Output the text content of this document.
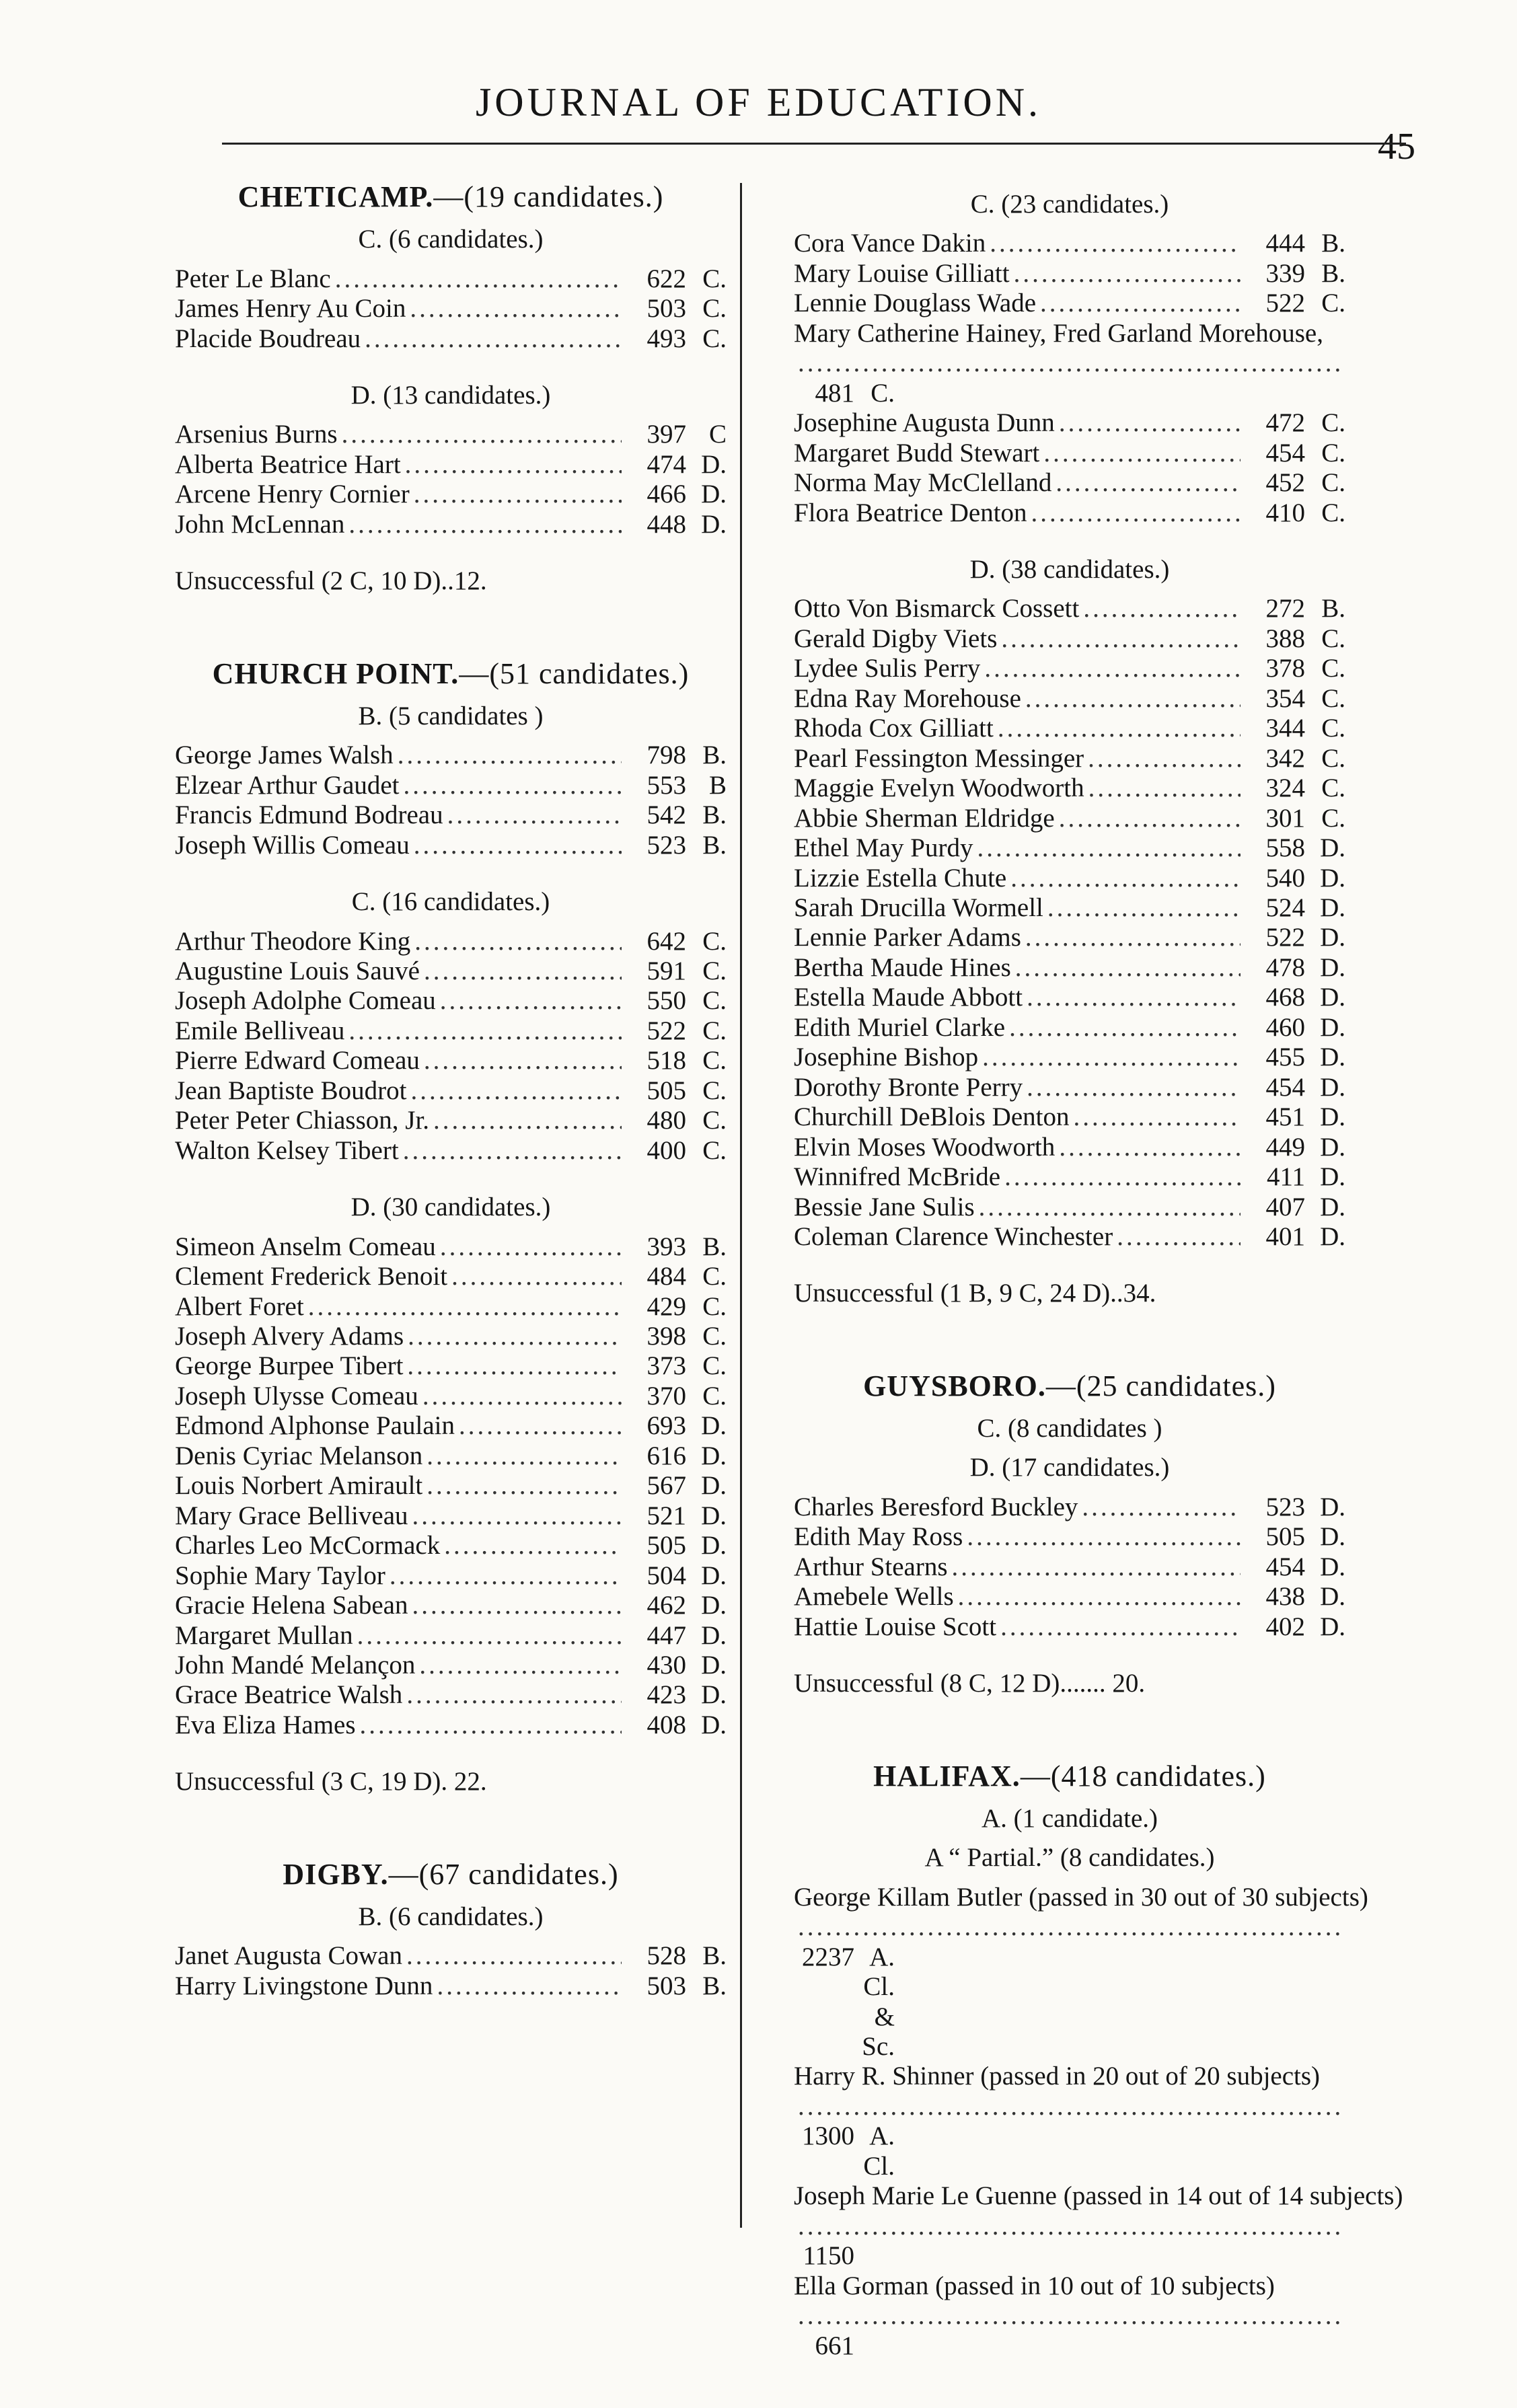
JOURNAL OF EDUCATION.
45
CHETICAMP.—(19 candidates.)
C. (6 candidates.)
Peter Le Blanc .....	622 C.
James Henry Au Coin .....	503 C.
Placide Boudreau .....	493 C.
D. (13 candidates.)
Arsenius Burns .....	397 C
Alberta Beatrice Hart .....	474 D.
Arcene Henry Cornier .....	466 D.
John McLennan .....	448 D.
Unsuccessful (2 C, 10 D)..12.
CHURCH POINT.—(51 candidates.)
B. (5 candidates )
George James Walsh .....	798 B.
Elzear Arthur Gaudet .....	553 B
Francis Edmund Bodreau .....	542 B.
Joseph Willis Comeau .....	523 B.
C. (16 candidates.)
Arthur Theodore King .....	642 C.
Augustine Louis Sauvé .....	591 C.
Joseph Adolphe Comeau .....	550 C.
Emile Belliveau .....	522 C.
Pierre Edward Comeau .....	518 C.
Jean Baptiste Boudrot .....	505 C.
Peter Peter Chiasson, Jr. .....	480 C.
Walton Kelsey Tibert .....	400 C.
D. (30 candidates.)
Simeon Anselm Comeau .....	393 B.
Clement Frederick Benoit .....	484 C.
Albert Foret .....	429 C.
Joseph Alvery Adams .....	398 C.
George Burpee Tibert .....	373 C.
Joseph Ulysse Comeau .....	370 C.
Edmond Alphonse Paulain .....	693 D.
Denis Cyriac Melanson .....	616 D.
Louis Norbert Amirault .....	567 D.
Mary Grace Belliveau .....	521 D.
Charles Leo McCormack .....	505 D.
Sophie Mary Taylor .....	504 D.
Gracie Helena Sabean .....	462 D.
Margaret Mullan .....	447 D.
John Mandé Melançon .....	430 D.
Grace Beatrice Walsh .....	423 D.
Eva Eliza Hames .....	408 D.
Unsuccessful (3 C, 19 D). 22.
DIGBY.—(67 candidates.)
B. (6 candidates.)
Janet Augusta Cowan .....	528 B.
Harry Livingstone Dunn .....	503 B.
C. (23 candidates.)
Cora Vance Dakin .....	444 B.
Mary Louise Gilliatt .....	339 B.
Lennie Douglass Wade .....	522 C.
Mary Catherine Hainey, Fred Garland Morehouse,
.....
481 C.
Josephine Augusta Dunn .....	472 C.
Margaret Budd Stewart .....	454 C.
Norma May McClelland .....	452 C.
Flora Beatrice Denton .....	410 C.
D. (38 candidates.)
Otto Von Bismarck Cossett .....	272 B.
Gerald Digby Viets .....	388 C.
Lydee Sulis Perry .....	378 C.
Edna Ray Morehouse .....	354 C.
Rhoda Cox Gilliatt .....	344 C.
Pearl Fessington Messinger .....	342 C.
Maggie Evelyn Woodworth .....	324 C.
Abbie Sherman Eldridge .....	301 C.
Ethel May Purdy .....	558 D.
Lizzie Estella Chute .....	540 D.
Sarah Drucilla Wormell .....	524 D.
Lennie Parker Adams .....	522 D.
Bertha Maude Hines .....	478 D.
Estella Maude Abbott .....	468 D.
Edith Muriel Clarke .....	460 D.
Josephine Bishop .....	455 D.
Dorothy Bronte Perry .....	454 D.
Churchill DeBlois Denton .....	451 D.
Elvin Moses Woodworth .....	449 D.
Winnifred McBride .....	411 D.
Bessie Jane Sulis .....	407 D.
Coleman Clarence Winchester .....	401 D.
Unsuccessful (1 B, 9 C, 24 D)..34.
GUYSBORO.—(25 candidates.)
C. (8 candidates )
D. (17 candidates.)
Charles Beresford Buckley .....	523 D.
Edith May Ross .....	505 D.
Arthur Stearns .....	454 D.
Amebele Wells .....	438 D.
Hattie Louise Scott .....	402 D.
Unsuccessful (8 C, 12 D)....... 20.
HALIFAX.—(418 candidates.)
A. (1 candidate.)
A “ Partial.” (8 candidates.)
George Killam Butler (passed in 30 out of 30 subjects)
.....
2237 A. Cl. & Sc.
Harry R. Shinner (passed in 20 out of 20 subjects)
.....
1300 A. Cl.
Joseph Marie Le Guenne (passed in 14 out of 14 subjects)
.....
1150
Ella Gorman (passed in 10 out of 10 subjects)
.....
661
